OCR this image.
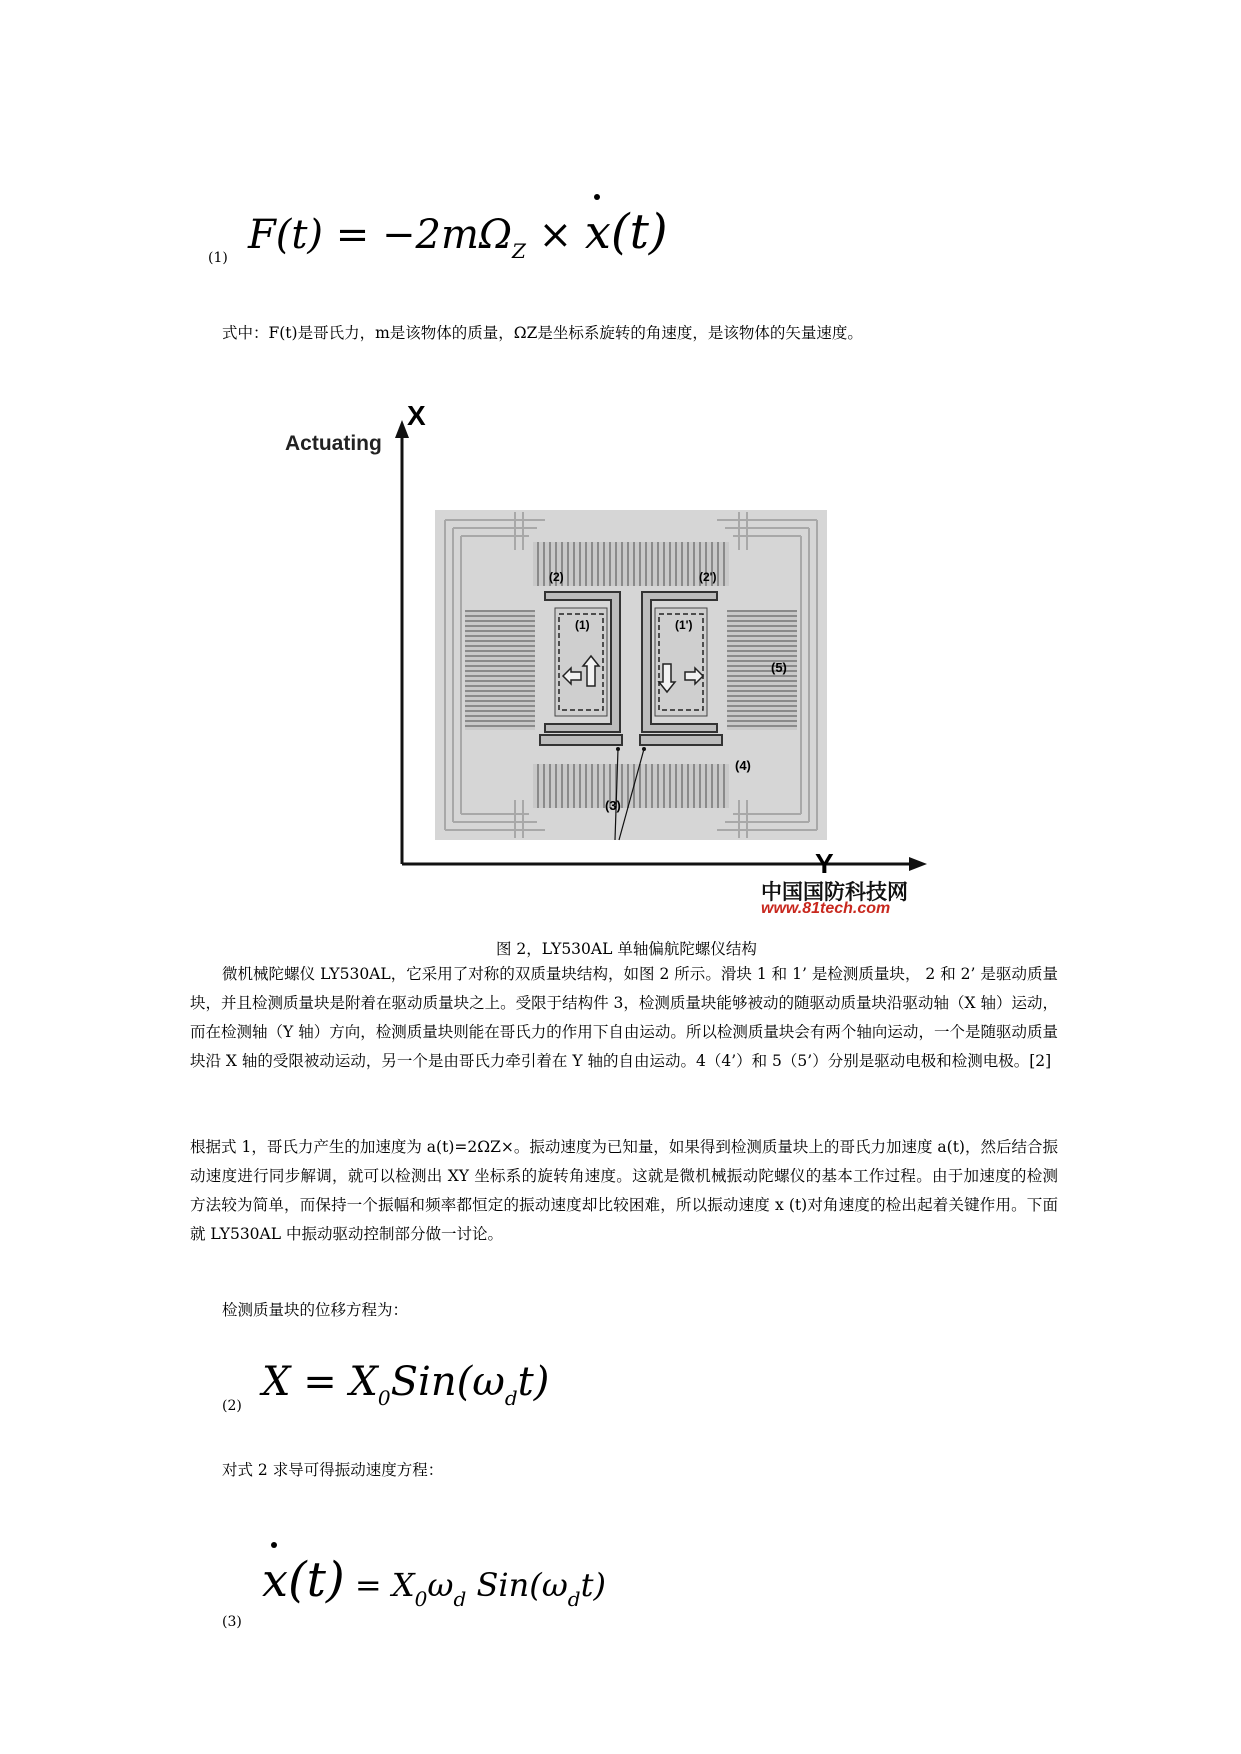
(1) $F(t) = -2m\Omega_Z \times x(t)$
式中：F(t)是哥氏力，m是该物体的质量，ΩZ是坐标系旋转的角速度，是该物体的矢量速度。
X
Actuating
Y
(2)	(2')
(1)	(1')
(5)
(4)
(3)
中国国防科技网
www.81tech.com
图 2，LY530AL 单轴偏航陀螺仪结构
微机械陀螺仪 LY530AL，它采用了对称的双质量块结构，如图 2 所示。滑块 1 和 1’ 是检测质量块， 2 和 2’ 是驱动质量块，并且检测质量块是附着在驱动质量块之上。受限于结构件 3，检测质量块能够被动的随驱动质量块沿驱动轴（X 轴）运动，而在检测轴（Y 轴）方向，检测质量块则能在哥氏力的作用下自由运动。所以检测质量块会有两个轴向运动，一个是随驱动质量块沿 X 轴的受限被动运动，另一个是由哥氏力牵引着在 Y 轴的自由运动。4（4’）和 5（5’）分别是驱动电极和检测电极。[2]
根据式 1，哥氏力产生的加速度为 a(t)=2ΩZ×。振动速度为已知量，如果得到检测质量块上的哥氏力加速度 a(t)，然后结合振动速度进行同步解调，就可以检测出 XY 坐标系的旋转角速度。这就是微机械振动陀螺仪的基本工作过程。由于加速度的检测方法较为简单，而保持一个振幅和频率都恒定的振动速度却比较困难，所以振动速度 x (t)对角速度的检出起着关键作用。下面就 LY530AL 中振动驱动控制部分做一讨论。
检测质量块的位移方程为：
(2)
$X = X_0Sin(\omega_dt)$
对式 2 求导可得振动速度方程：
(3)
$x(t) = X_0\omega_d$ $Sin(\omega_dt)$
